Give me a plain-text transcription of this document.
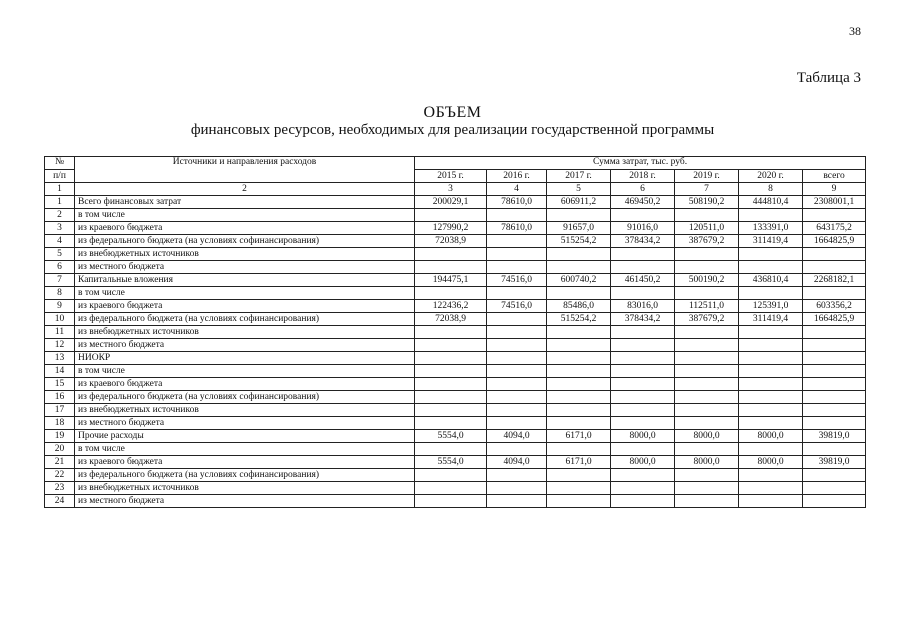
38
Таблица 3
ОБЪЕМ
финансовых ресурсов, необходимых для реализации государственной программы
№	Источники и направления расходов	Сумма затрат, тыс. руб.						
п/п		2015 г.	2016 г.	2017 г.	2018 г.	2019 г.	2020 г.	всего
1	2	3	4	5	6	7	8	9
1	Всего финансовых затрат	200029,1	78610,0	606911,2	469450,2	508190,2	444810,4	2308001,1
2	в том числе							
3	из краевого бюджета	127990,2	78610,0	91657,0	91016,0	120511,0	133391,0	643175,2
4	из федерального бюджета (на условиях софинансирования)	72038,9		515254,2	378434,2	387679,2	311419,4	1664825,9
5	из внебюджетных источников							
6	из местного бюджета							
7	Капитальные вложения	194475,1	74516,0	600740,2	461450,2	500190,2	436810,4	2268182,1
8	в том числе							
9	из краевого бюджета	122436,2	74516,0	85486,0	83016,0	112511,0	125391,0	603356,2
10	из федерального бюджета (на условиях софинансирования)	72038,9		515254,2	378434,2	387679,2	311419,4	1664825,9
11	из внебюджетных источников							
12	из местного бюджета							
13	НИОКР							
14	в том числе							
15	из краевого бюджета							
16	из федерального бюджета (на условиях софинансирования)							
17	из внебюджетных источников							
18	из местного бюджета							
19	Прочие расходы	5554,0	4094,0	6171,0	8000,0	8000,0	8000,0	39819,0
20	в том числе							
21	из краевого бюджета	5554,0	4094,0	6171,0	8000,0	8000,0	8000,0	39819,0
22	из федерального бюджета (на условиях софинансирования)							
23	из внебюджетных источников							
24	из местного бюджета							
